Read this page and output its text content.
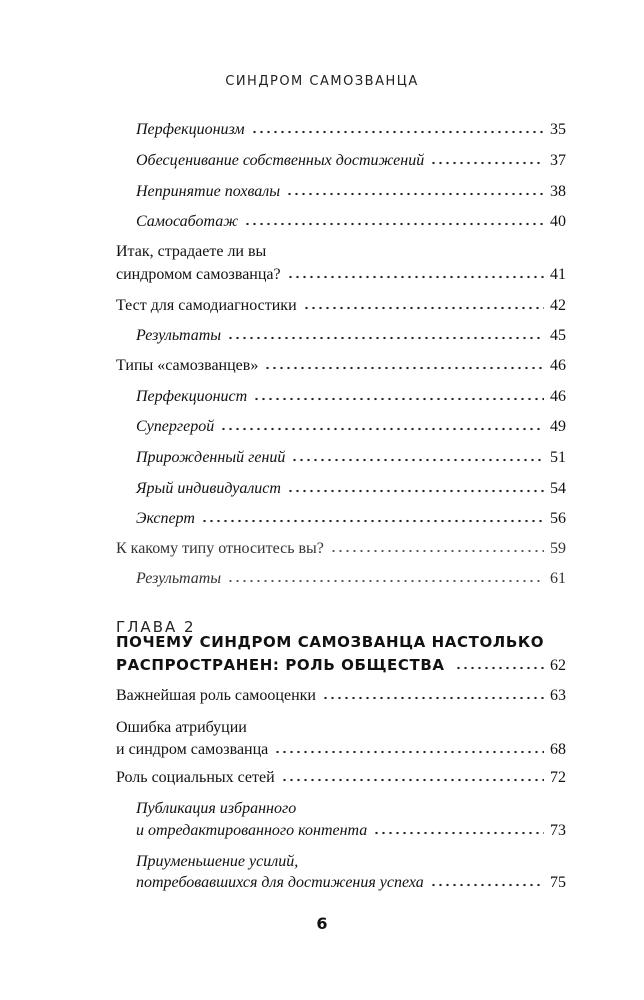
СИНДРОМ САМОЗВАНЦА
Перфекционизм	35
Обесценивание собственных достижений	37
Непринятие похвалы	38
Самосаботаж	40
Итак, страдаете ли вы
синдромом самозванца?	41
Тест для самодиагностики	42
Результаты	45
Типы «самозванцев»	46
Перфекционист	46
Супергерой	49
Прирожденный гений	51
Ярый индивидуалист	54
Эксперт	56
К какому типу относитесь вы?	59
Результаты	61
ГЛАВА 2
ПОЧЕМУ СИНДРОМ САМОЗВАНЦА НАСТОЛЬКО
РАСПРОСТРАНЕН: РОЛЬ ОБЩЕСТВА	62
Важнейшая роль самооценки	63
Ошибка атрибуции
и синдром самозванца	68
Роль социальных сетей	72
Публикация избранного
и отредактированного контента	73
Приуменьшение усилий,
потребовавшихся для достижения успеха	75
6
